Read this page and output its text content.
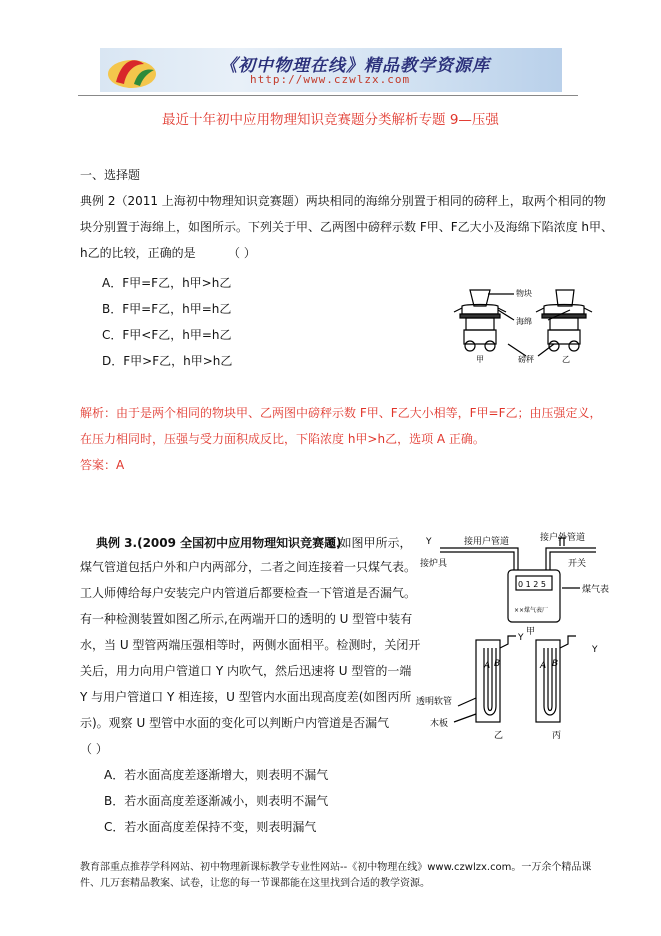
《初中物理在线》精品教学资源库
http://www.czwlzx.com
最近十年初中应用物理知识竞赛题分类解析专题 9—压强
一、选择题
典例 2（2011 上海初中物理知识竞赛题）两块相同的海绵分别置于相同的磅秤上，取两个相同的物
块分别置于海绵上，如图所示。下列关于甲、乙两图中磅秤示数 F甲、F乙大小及海绵下陷浓度 h甲、
h乙的比较，正确的是	（ ）
A．F甲=F乙，h甲>h乙
B．F甲=F乙，h甲=h乙
C．F甲<F乙，h甲=h乙
D．F甲>F乙，h甲>h乙
物块
海绵
磅秤
甲	乙
解析：由于是两个相同的物块甲、乙两图中磅秤示数 F甲、F乙大小相等，F甲=F乙；由压强定义，
在压力相同时，压强与受力面积成反比，下陷浓度 h甲>h乙，选项 A 正确。
答案：A
典例 3.(2009 全国初中应用物理知识竞赛题)
6.如图甲所示，
煤气管道包括户外和户内两部分，二者之间连接着一只煤气表。
工人师傅给每户安装完户内管道后都要检查一下管道是否漏气。
有一种检测装置如图乙所示,在两端开口的透明的 U 型管中装有
水，当 U 型管两端压强相等时，两侧水面相平。检测时，关闭开
关后，用力向用户管道口 Y 内吹气，然后迅速将 U 型管的一端
Y 与用户管道口 Y 相连接，U 型管内水面出现高度差(如图丙所
示)。观察 U 型管中水面的变化可以判断户内管道是否漏气
（ ）
A．若水面高度差逐渐增大，则表明不漏气
B．若水面高度差逐渐减小，则表明不漏气
C．若水面高度差保持不变，则表明漏气
Y	接用户管道	接户外管道
接炉具	开关
0 1 2 5
××煤气表厂
煤气表
甲
A B
Y
A B
Y
透明软管
木板
乙	丙
教育部重点推荐学科网站、初中物理新课标教学专业性网站--《初中物理在线》www.czwlzx.com。一万余个精品课
件、几万套精品教案、试卷，让您的每一节课都能在这里找到合适的教学资源。
